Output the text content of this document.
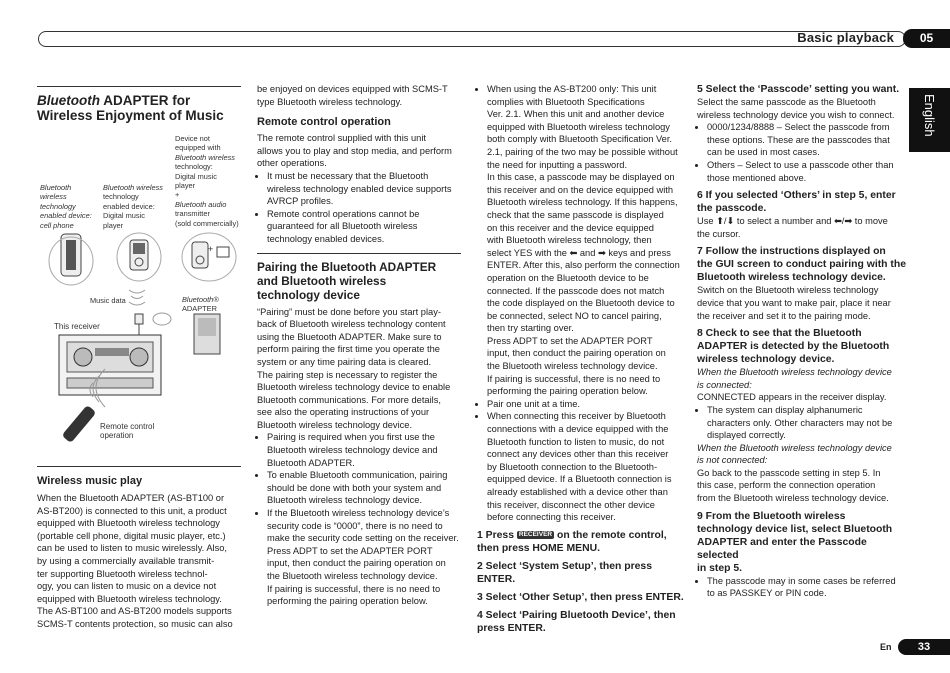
Basic playback	05
English
Bluetooth ADAPTER for
Wireless Enjoyment of Music
Bluetooth
wireless
technology
enabled device:
cell phone
Bluetooth wireless
technology
enabled device:
Digital music
player
Device not
equipped with
Bluetooth wireless
technology:
Digital music
player
+
Bluetooth audio
transmitter
(sold commercially)
+
Music data	Bluetooth®
ADAPTER
This receiver
Remote control
operation
Wireless music play

When the Bluetooth ADAPTER (AS-BT100 or

AS-BT200) is connected to this unit, a product

equipped with Bluetooth wireless technology

(portable cell phone, digital music player, etc.)

can be used to listen to music wirelessly. Also,

by using a commercially available transmit-

ter supporting Bluetooth wireless technol-

ogy, you can listen to music on a device not

equipped with Bluetooth wireless technology.

The AS-BT100 and AS-BT200 models supports

SCMS-T contents protection, so music can also

be enjoyed on devices equipped with SCMS-T

type Bluetooth wireless technology.

Remote control operation

The remote control supplied with this unit

allows you to play and stop media, and perform

other operations.

• It must be necessary that the Bluetooth
wireless technology enabled device supports
AVRCP profiles.
• Remote control operations cannot be
guaranteed for all Bluetooth wireless
technology enabled devices.
Pairing the Bluetooth ADAPTER
and Bluetooth wireless
technology device

“Pairing” must be done before you start play-

back of Bluetooth wireless technology content

using the Bluetooth ADAPTER. Make sure to

perform pairing the first time you operate the

system or any time pairing data is cleared.

The pairing step is necessary to register the

Bluetooth wireless technology device to enable

Bluetooth communications. For more details,

see also the operating instructions of your

Bluetooth wireless technology device.

• Pairing is required when you first use the
Bluetooth wireless technology device and
Bluetooth ADAPTER.
• To enable Bluetooth communication, pairing
should be done with both your system and
Bluetooth wireless technology device.
• If the Bluetooth wireless technology device’s
security code is “0000”, there is no need to
make the security code setting on the receiver.
Press ADPT to set the ADAPTER PORT
input, then conduct the pairing operation on
the Bluetooth wireless technology device.
If pairing is successful, there is no need to
performing the pairing operation below.
• When using the AS-BT200 only: This unit
complies with Bluetooth Specifications
Ver. 2.1. When this unit and another device
equipped with Bluetooth wireless technology
both comply with Bluetooth Specification Ver.
2.1, pairing of the two may be possible without
the need for inputting a password.
In this case, a passcode may be displayed on
this receiver and on the device equipped with
Bluetooth wireless technology. If this happens,
check that the same passcode is displayed
on this receiver and the device equipped
with Bluetooth wireless technology, then
select YES with the ⬅ and ➡ keys and press
ENTER. After this, also perform the connection
operation on the Bluetooth device to be
connected. If the passcode does not match
the code displayed on the Bluetooth device to
be connected, select NO to cancel pairing,
then try starting over.
Press ADPT to set the ADAPTER PORT
input, then conduct the pairing operation on
the Bluetooth wireless technology device.
If pairing is successful, there is no need to
performing the pairing operation below.
• Pair one unit at a time.
• When connecting this receiver by Bluetooth
connections with a device equipped with the
Bluetooth function to listen to music, do not
connect any devices other than this receiver
by Bluetooth connection to the Bluetooth-
equipped device. If a Bluetooth connection is
already established with a device other than
this receiver, disconnect the other device
before connecting this receiver.
1 Press RECEIVER on the remote control,
then press HOME MENU.
2 Select ‘System Setup’, then press
ENTER.
3 Select ‘Other Setup’, then press ENTER.
4 Select ‘Pairing Bluetooth Device’, then
press ENTER.
5 Select the ‘Passcode’ setting you want.

Select the same passcode as the Bluetooth

wireless technology device you wish to connect.

• 0000/1234/8888 – Select the passcode from
these options. These are the passcodes that
can be used in most cases.
• Others – Select to use a passcode other than
those mentioned above.
6 If you selected ‘Others’ in step 5, enter
the passcode.

Use ⬆/⬇ to select a number and ⬅/➡ to move

the cursor.

7 Follow the instructions displayed on
the GUI screen to conduct pairing with the
Bluetooth wireless technology device.

Switch on the Bluetooth wireless technology

device that you want to make pair, place it near

the receiver and set it to the pairing mode.

8 Check to see that the Bluetooth
ADAPTER is detected by the Bluetooth
wireless technology device.

When the Bluetooth wireless technology device

is connected:

CONNECTED appears in the receiver display.

• The system can display alphanumeric
characters only. Other characters may not be
displayed correctly.

When the Bluetooth wireless technology device

is not connected:

Go back to the passcode setting in step 5. In

this case, perform the connection operation

from the Bluetooth wireless technology device.

9 From the Bluetooth wireless
technology device list, select Bluetooth
ADAPTER and enter the Passcode selected
in step 5.
• The passcode may in some cases be referred
to as PASSKEY or PIN code.
En	33
